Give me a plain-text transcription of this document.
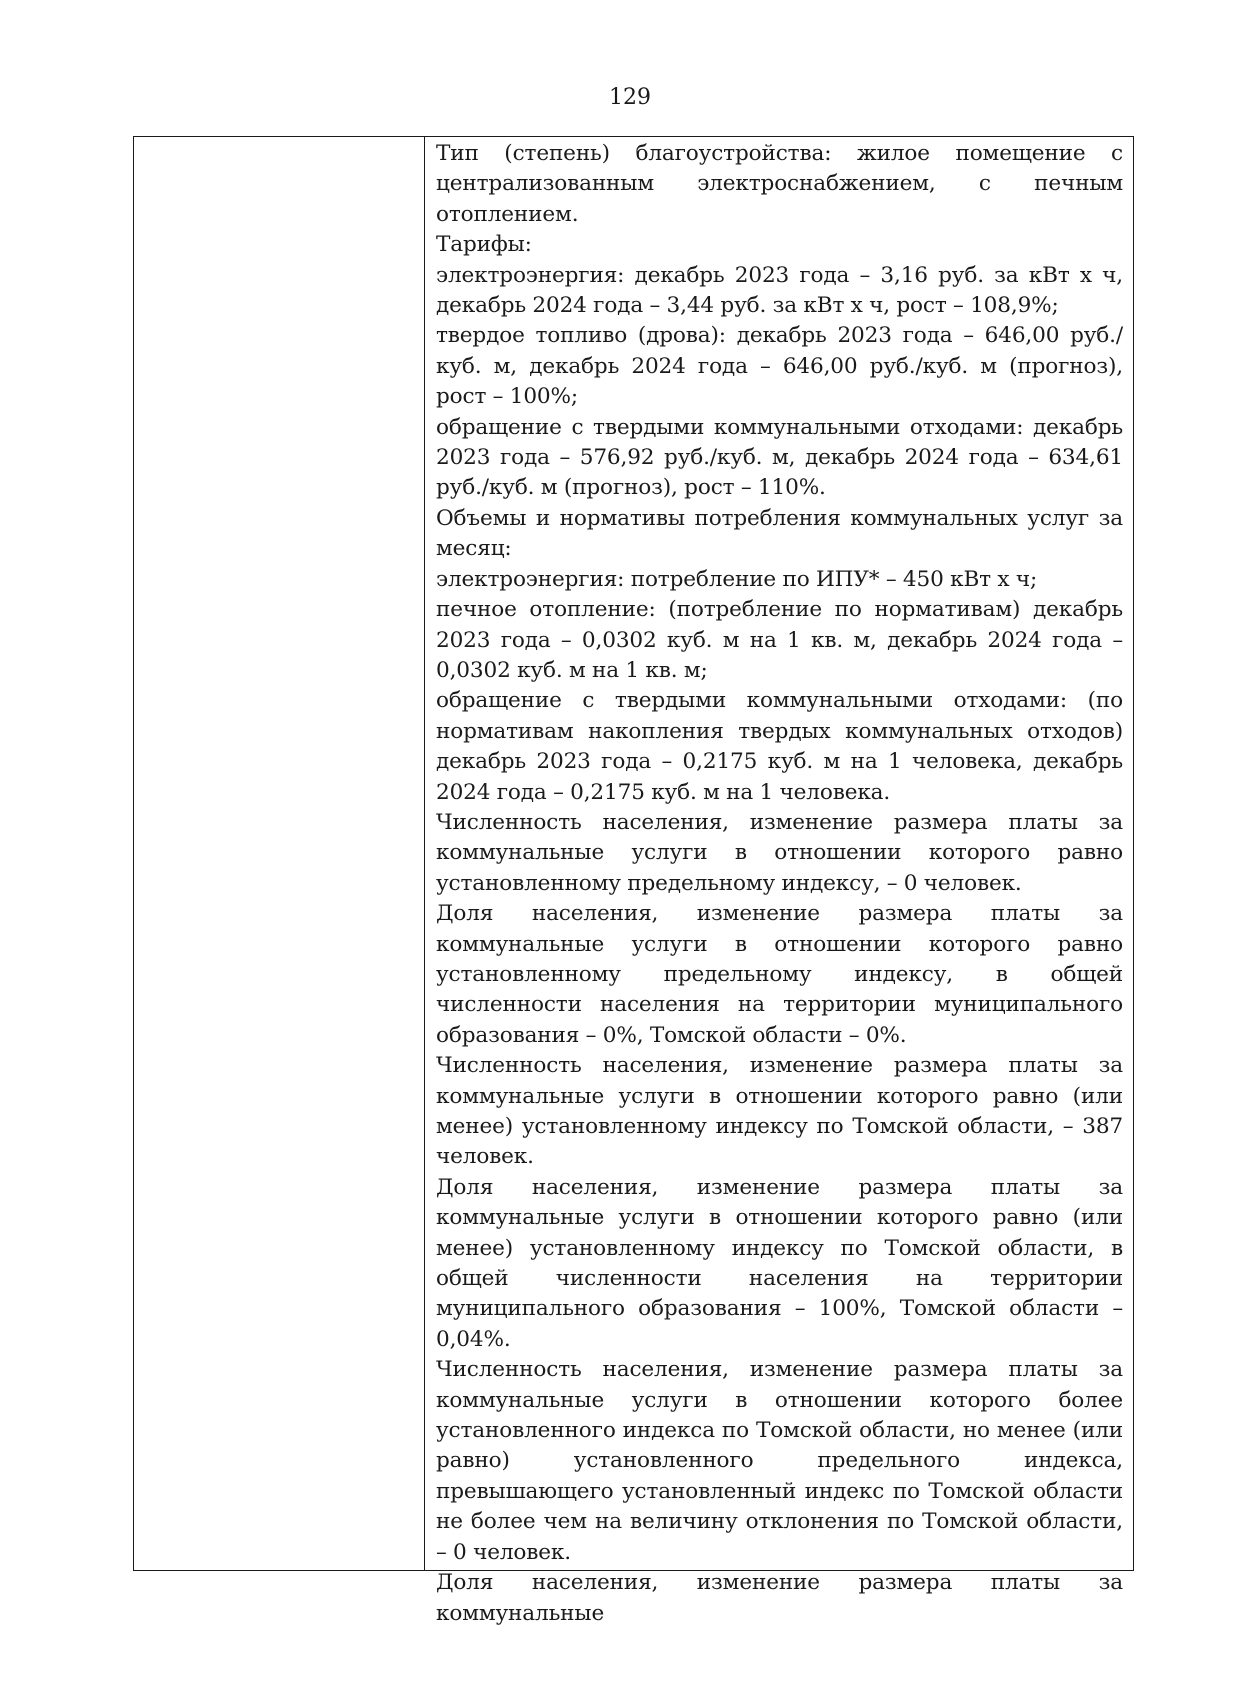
129

Тип (степень) благоустройства: жилое помещение с централизованным электроснабжением, с печным отоплением.

Тарифы:

электроэнергия: декабрь 2023 года – 3,16 руб. за кВт х ч, декабрь 2024 года – 3,44 руб. за кВт х ч, рост – 108,9%;

твердое топливо (дрова): декабрь 2023 года – 646,00 руб./куб. м, декабрь 2024 года – 646,00 руб./куб. м (прогноз), рост – 100%;

обращение с твердыми коммунальными отходами: декабрь 2023 года – 576,92 руб./куб. м, декабрь 2024 года – 634,61 руб./куб. м (прогноз), рост – 110%.

Объемы и нормативы потребления коммунальных услуг за месяц:

электроэнергия: потребление по ИПУ* – 450 кВт х ч;

печное отопление: (потребление по нормативам) декабрь 2023 года – 0,0302 куб. м на 1 кв. м, декабрь 2024 года – 0,0302 куб. м на 1 кв. м;

обращение с твердыми коммунальными отходами: (по нормативам накопления твердых коммунальных отходов) декабрь 2023 года – 0,2175 куб. м на 1 человека, декабрь 2024 года – 0,2175 куб. м на 1 человека.

Численность населения, изменение размера платы за коммунальные услуги в отношении которого равно установленному предельному индексу, – 0 человек.

Доля населения, изменение размера платы за коммунальные услуги в отношении которого равно установленному предельному индексу, в общей численности населения на территории муниципального образования – 0%, Томской области – 0%.

Численность населения, изменение размера платы за коммунальные услуги в отношении которого равно (или менее) установленному индексу по Томской области, – 387 человек.

Доля населения, изменение размера платы за коммунальные услуги в отношении которого равно (или менее) установленному индексу по Томской области, в общей численности населения на территории муниципального образования – 100%, Томской области – 0,04%.

Численность населения, изменение размера платы за коммунальные услуги в отношении которого более установленного индекса по Томской области, но менее (или равно) установленного предельного индекса, превышающего установленный индекс по Томской области не более чем на величину отклонения по Томской области, – 0 человек.

Доля населения, изменение размера платы за коммунальные
